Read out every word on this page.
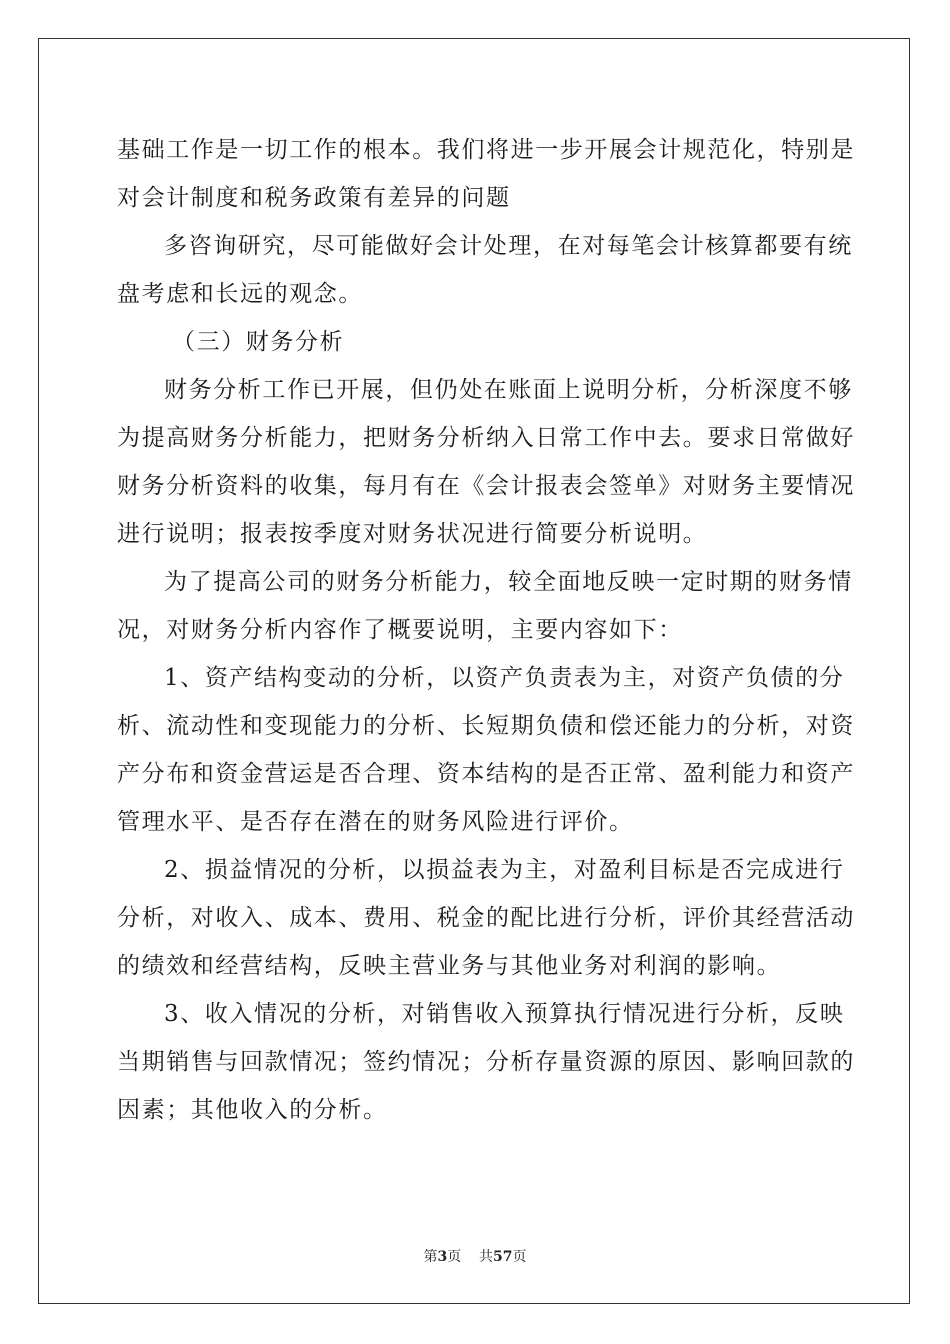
基础工作是一切工作的根本。我们将进一步开展会计规范化，特别是
对会计制度和税务政策有差异的问题
多咨询研究，尽可能做好会计处理，在对每笔会计核算都要有统
盘考虑和长远的观念。
（三）财务分析
财务分析工作已开展，但仍处在账面上说明分析，分析深度不够
为提高财务分析能力，把财务分析纳入日常工作中去。要求日常做好
财务分析资料的收集，每月有在《会计报表会签单》对财务主要情况
进行说明；报表按季度对财务状况进行简要分析说明。
为了提高公司的财务分析能力，较全面地反映一定时期的财务情
况，对财务分析内容作了概要说明，主要内容如下：
1、资产结构变动的分析，以资产负责表为主，对资产负债的分
析、流动性和变现能力的分析、长短期负债和偿还能力的分析，对资
产分布和资金营运是否合理、资本结构的是否正常、盈利能力和资产
管理水平、是否存在潜在的财务风险进行评价。
2、损益情况的分析，以损益表为主，对盈利目标是否完成进行
分析，对收入、成本、费用、税金的配比进行分析，评价其经营活动
的绩效和经营结构，反映主营业务与其他业务对利润的影响。
3、收入情况的分析，对销售收入预算执行情况进行分析，反映
当期销售与回款情况；签约情况；分析存量资源的原因、影响回款的
因素；其他收入的分析。
第3页 共57页
